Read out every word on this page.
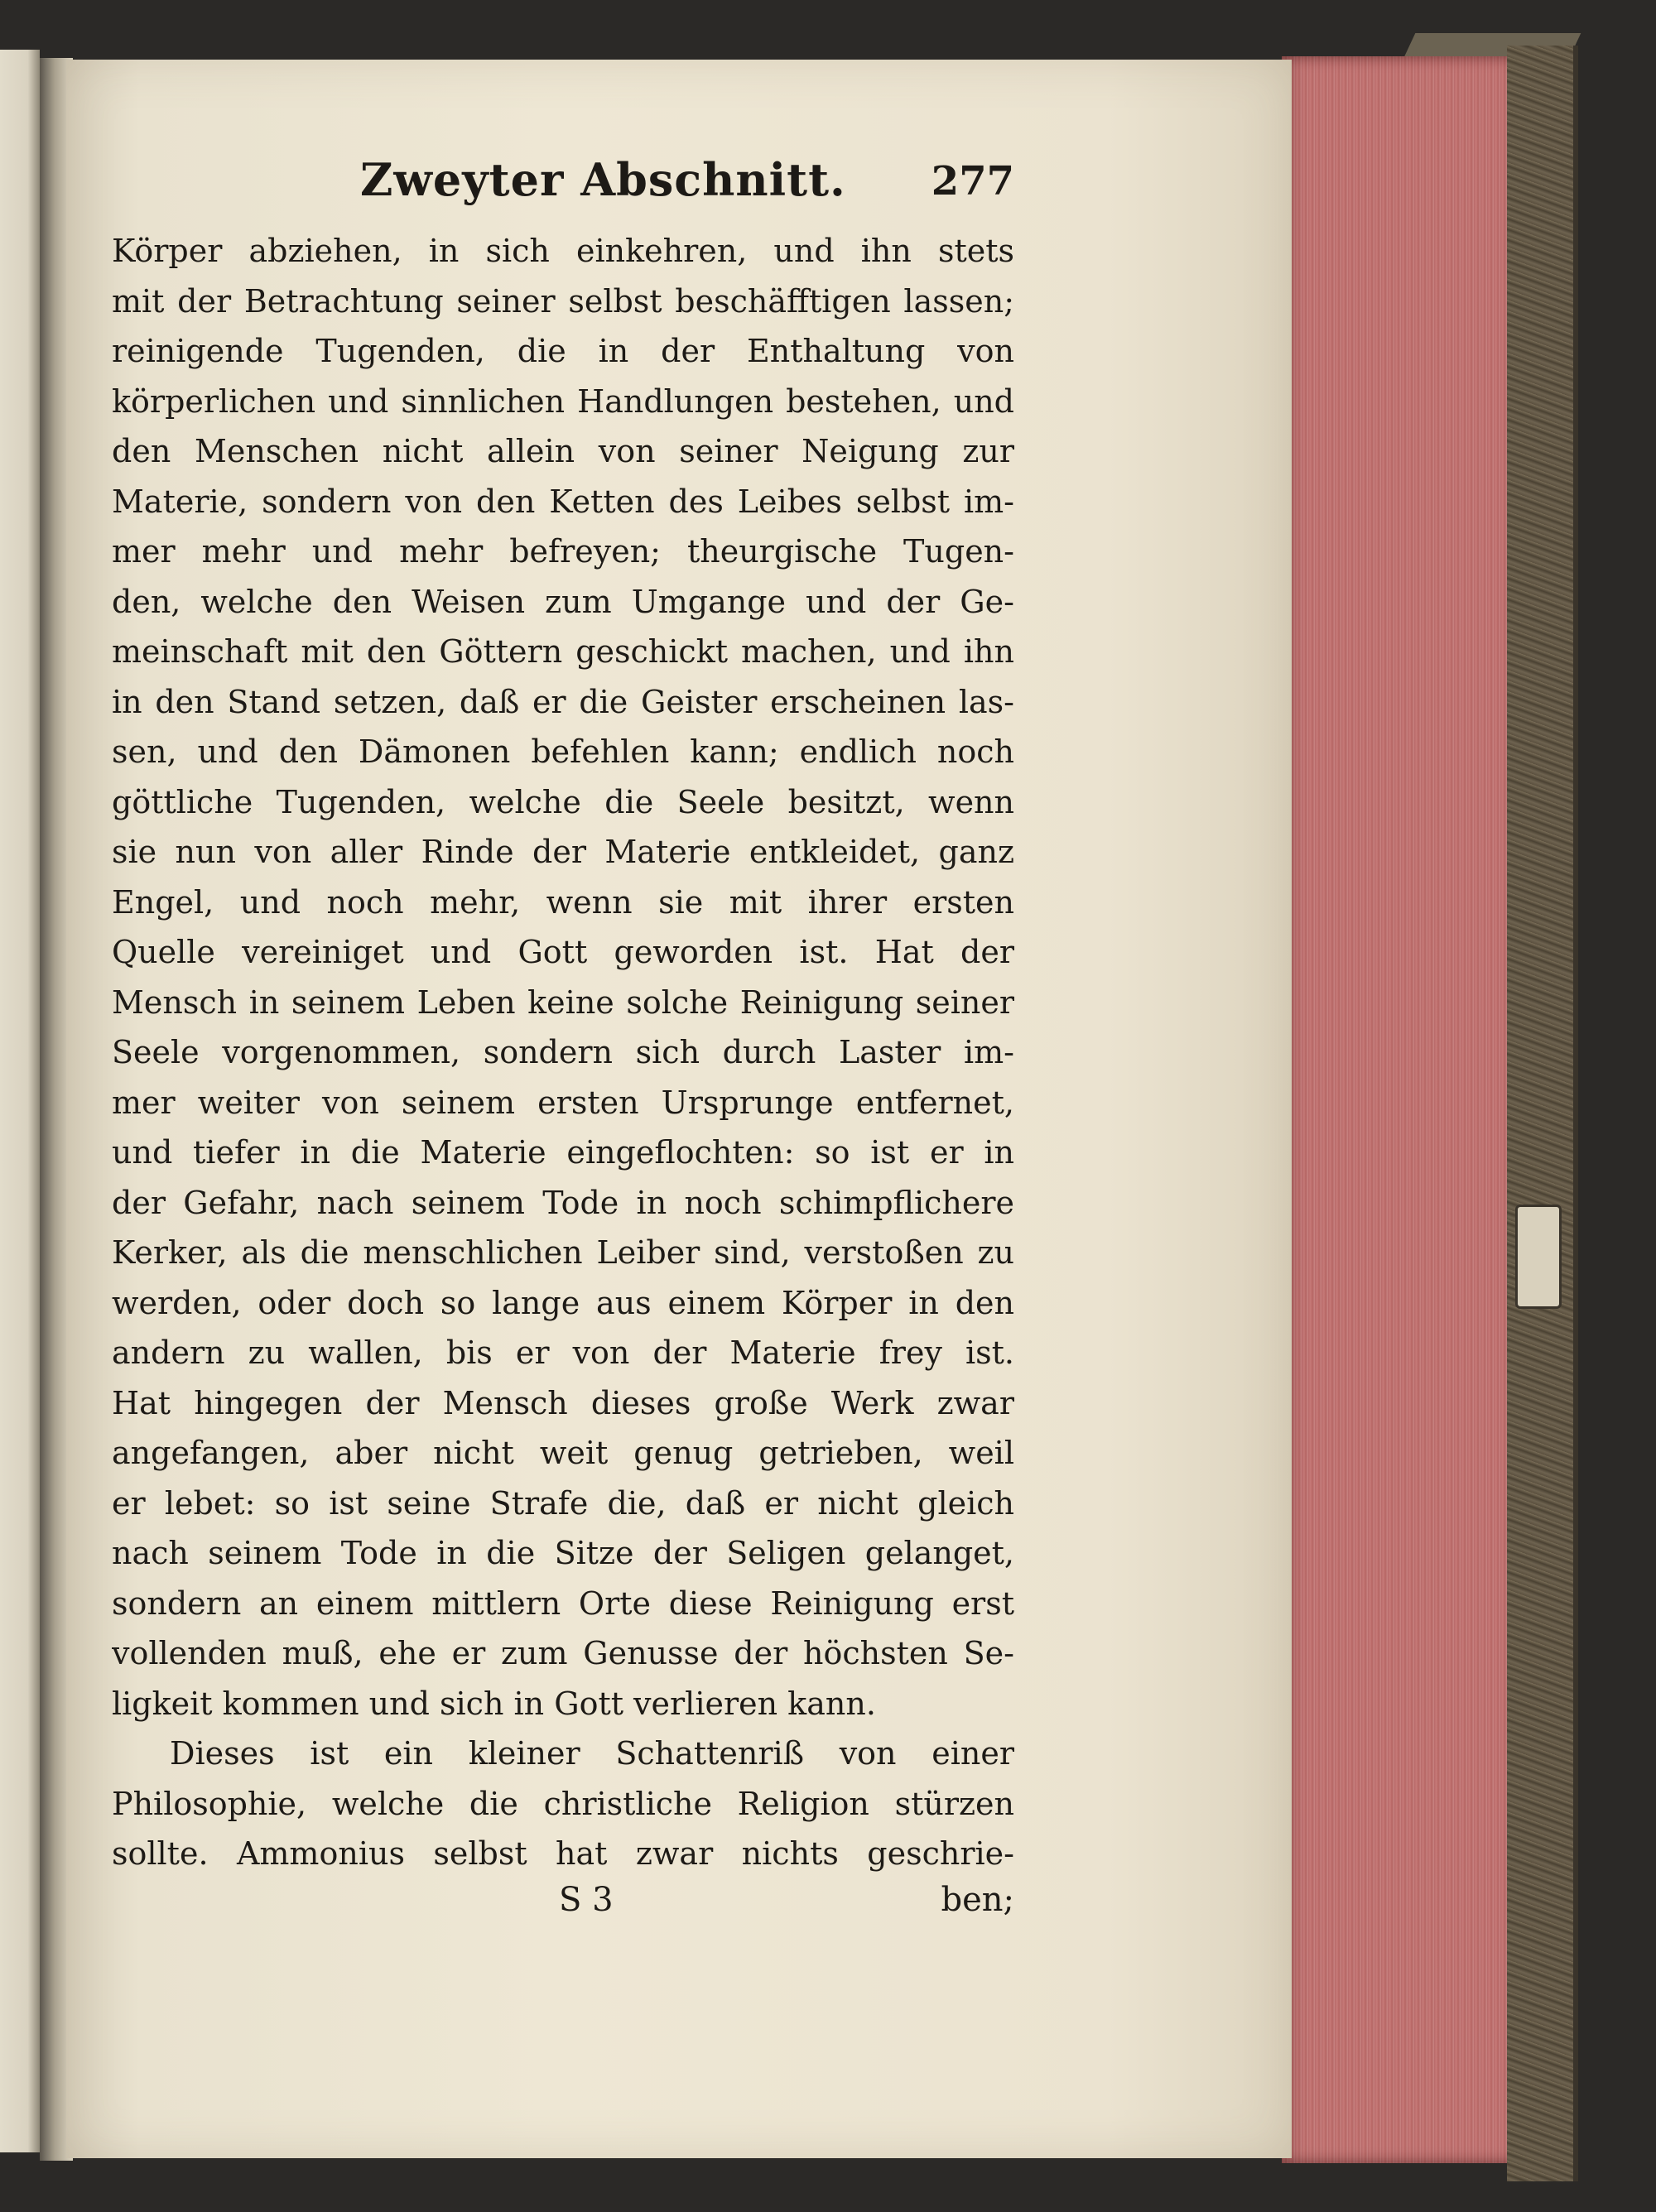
Zweyter Abschnitt. 277
Körper abziehen, in sich einkehren, und ihn stets
mit der Betrachtung seiner selbst beschäfftigen lassen;
reinigende Tugenden, die in der Enthaltung von
körperlichen und sinnlichen Handlungen bestehen, und
den Menschen nicht allein von seiner Neigung zur
Materie, sondern von den Ketten des Leibes selbst im-
mer mehr und mehr befreyen; theurgische Tugen-
den, welche den Weisen zum Umgange und der Ge-
meinschaft mit den Göttern geschickt machen, und ihn
in den Stand setzen, daß er die Geister erscheinen las-
sen, und den Dämonen befehlen kann; endlich noch
göttliche Tugenden, welche die Seele besitzt, wenn
sie nun von aller Rinde der Materie entkleidet, ganz
Engel, und noch mehr, wenn sie mit ihrer ersten
Quelle vereiniget und Gott geworden ist. Hat der
Mensch in seinem Leben keine solche Reinigung seiner
Seele vorgenommen, sondern sich durch Laster im-
mer weiter von seinem ersten Ursprunge entfernet,
und tiefer in die Materie eingeflochten: so ist er in
der Gefahr, nach seinem Tode in noch schimpflichere
Kerker, als die menschlichen Leiber sind, verstoßen zu
werden, oder doch so lange aus einem Körper in den
andern zu wallen, bis er von der Materie frey ist.
Hat hingegen der Mensch dieses große Werk zwar
angefangen, aber nicht weit genug getrieben, weil
er lebet: so ist seine Strafe die, daß er nicht gleich
nach seinem Tode in die Sitze der Seligen gelanget,
sondern an einem mittlern Orte diese Reinigung erst
vollenden muß, ehe er zum Genusse der höchsten Se-
ligkeit kommen und sich in Gott verlieren kann.
Dieses ist ein kleiner Schattenriß von einer
Philosophie, welche die christliche Religion stürzen
sollte. Ammonius selbst hat zwar nichts geschrie-
S 3	ben;
